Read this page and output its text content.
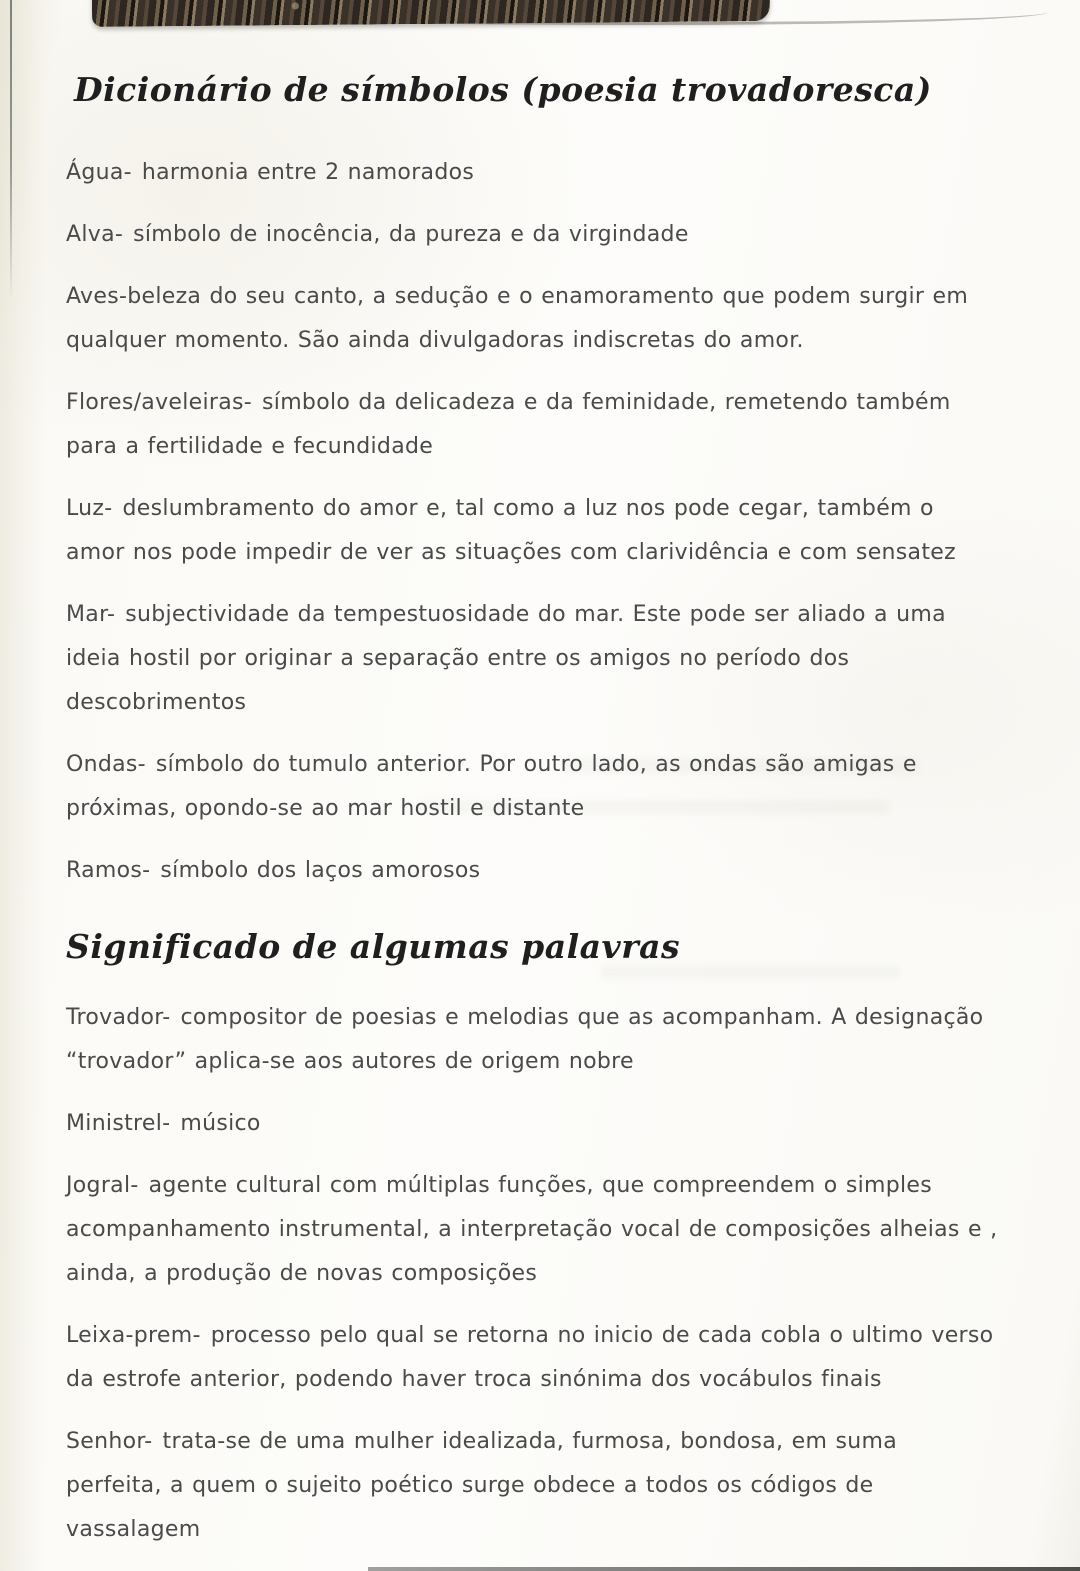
Dicionário de símbolos (poesia trovadoresca)

Água- harmonia entre 2 namorados

Alva- símbolo de inocência, da pureza e da virgindade

Aves-beleza do seu canto, a sedução e o enamoramento que podem surgir em qualquer momento. São ainda divulgadoras indiscretas do amor.

Flores/aveleiras- símbolo da delicadeza e da feminidade, remetendo também para a fertilidade e fecundidade

Luz- deslumbramento do amor e, tal como a luz nos pode cegar, também o amor nos pode impedir de ver as situações com clarividência e com sensatez

Mar- subjectividade da tempestuosidade do mar. Este pode ser aliado a uma ideia hostil por originar a separação entre os amigos no período dos descobrimentos

Ondas- símbolo do tumulo anterior. Por outro lado, as ondas são amigas e próximas, opondo-se ao mar hostil e distante

Ramos- símbolo dos laços amorosos

Significado de algumas palavras

Trovador- compositor de poesias e melodias que as acompanham. A designação “trovador” aplica-se aos autores de origem nobre

Ministrel- músico

Jogral- agente cultural com múltiplas funções, que compreendem o simples acompanhamento instrumental, a interpretação vocal de composições alheias e , ainda, a produção de novas composições

Leixa-prem- processo pelo qual se retorna no inicio de cada cobla o ultimo verso da estrofe anterior, podendo haver troca sinónima dos vocábulos finais

Senhor- trata-se de uma mulher idealizada, furmosa, bondosa, em suma perfeita, a quem o sujeito poético surge obdece a todos os códigos de vassalagem
